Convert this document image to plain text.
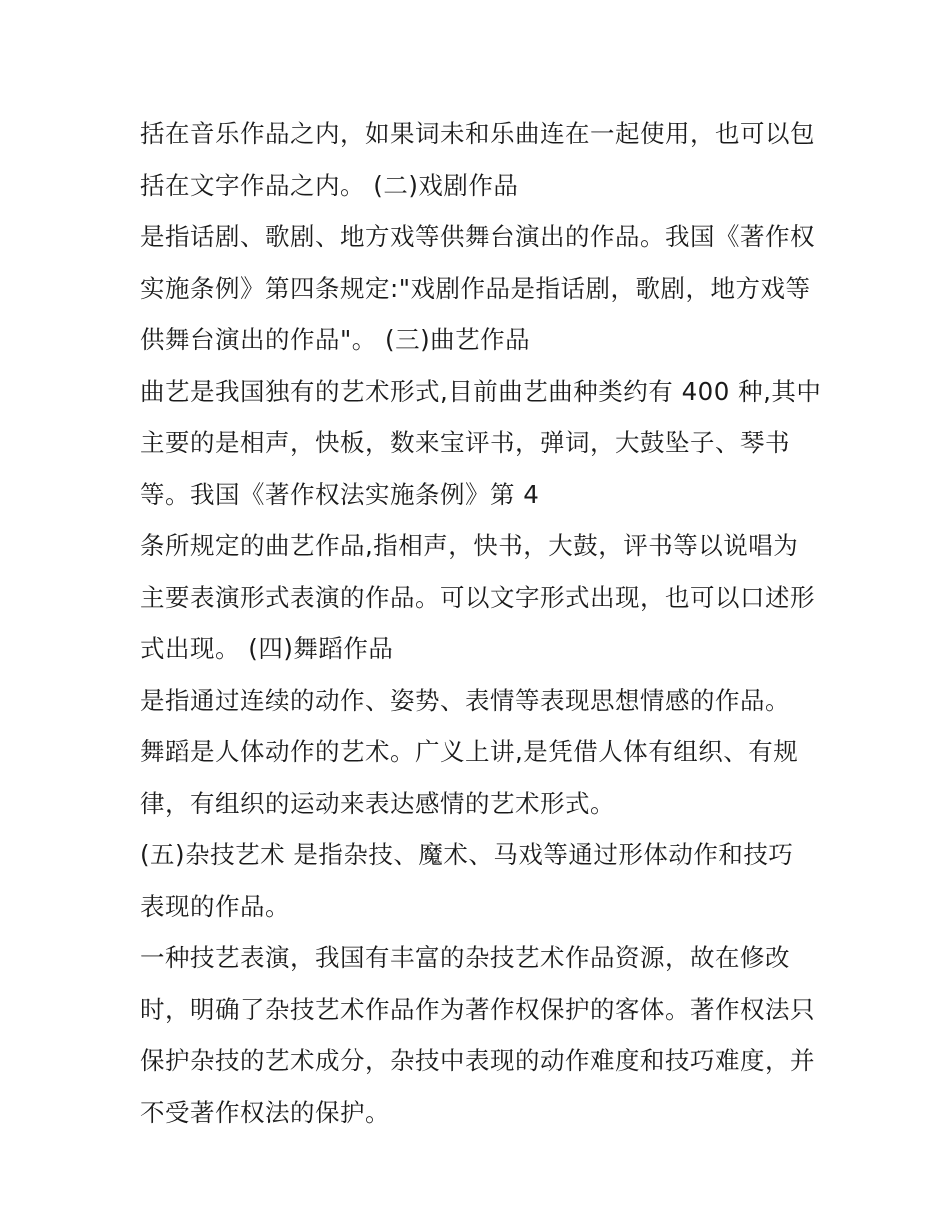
括在音乐作品之内，如果词未和乐曲连在一起使用，也可以包
括在文字作品之内。 (二)戏剧作品
是指话剧、歌剧、地方戏等供舞台演出的作品。我国《著作权
实施条例》第四条规定:"戏剧作品是指话剧，歌剧，地方戏等
供舞台演出的作品"。 (三)曲艺作品
曲艺是我国独有的艺术形式,目前曲艺曲种类约有 400 种,其中
主要的是相声，快板，数来宝评书，弹词，大鼓坠子、琴书
等。我国《著作权法实施条例》第 4
条所规定的曲艺作品,指相声，快书，大鼓，评书等以说唱为
主要表演形式表演的作品。可以文字形式出现，也可以口述形
式出现。 (四)舞蹈作品
是指通过连续的动作、姿势、表情等表现思想情感的作品。
舞蹈是人体动作的艺术。广义上讲,是凭借人体有组织、有规
律，有组织的运动来表达感情的艺术形式。
(五)杂技艺术 是指杂技、魔术、马戏等通过形体动作和技巧
表现的作品。
一种技艺表演，我国有丰富的杂技艺术作品资源，故在修改
时，明确了杂技艺术作品作为著作权保护的客体。著作权法只
保护杂技的艺术成分，杂技中表现的动作难度和技巧难度，并
不受著作权法的保护。
